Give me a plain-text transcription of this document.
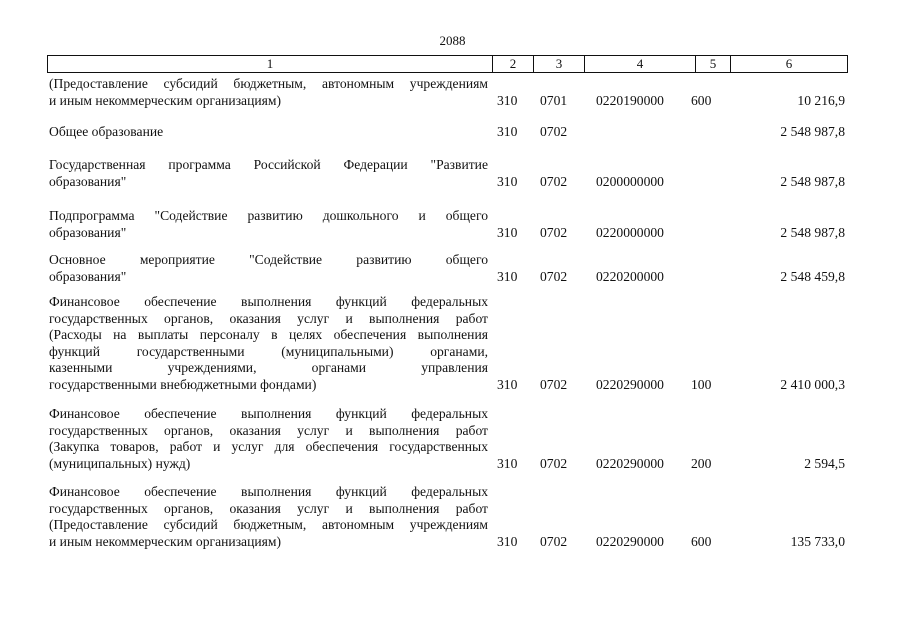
2088
1	2	3	4	5	6
(Предоставление субсидий бюджетным, автономным учреждениям
и иным некоммерческим организациям)	310 0701 0220190000 600	10 216,9
Общее образование	310 0702	2 548 987,8
Государственная программа Российской Федерации "Развитие
образования"	310 0702 0200000000	2 548 987,8
Подпрограмма "Содействие развитию дошкольного и общего
образования"	310 0702 0220000000	2 548 987,8
Основное мероприятие "Содействие развитию общего
образования"	310 0702 0220200000	2 548 459,8
Финансовое обеспечение выполнения функций федеральных
государственных органов, оказания услуг и выполнения работ
(Расходы на выплаты персоналу в целях обеспечения выполнения
функций государственными (муниципальными) органами,
казенными учреждениями, органами управления
государственными внебюджетными фондами)	310 0702 0220290000 100	2 410 000,3
Финансовое обеспечение выполнения функций федеральных
государственных органов, оказания услуг и выполнения работ
(Закупка товаров, работ и услуг для обеспечения государственных
(муниципальных) нужд)	310 0702 0220290000 200	2 594,5
Финансовое обеспечение выполнения функций федеральных
государственных органов, оказания услуг и выполнения работ
(Предоставление субсидий бюджетным, автономным учреждениям
и иным некоммерческим организациям)	310 0702 0220290000 600	135 733,0
